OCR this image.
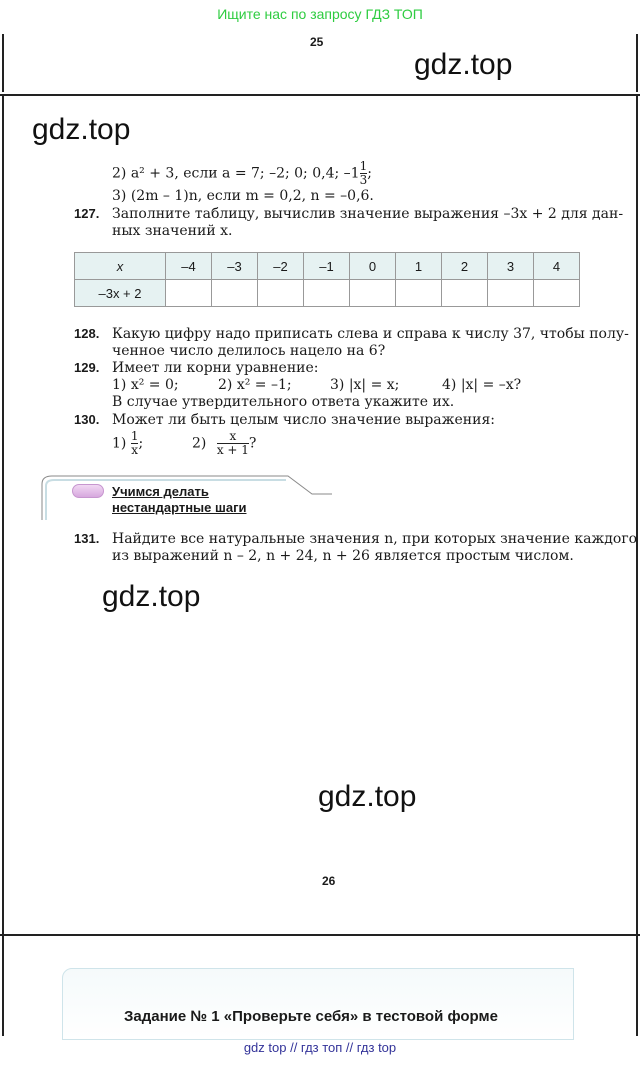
Ищите нас по запросу ГДЗ ТОП
25
gdz.top
gdz.top
2) a² + 3, если a = 7; –2; 0; 0,4; $-1 \frac{1}{3}$ ;
3) (2m – 1)n, если m = 0,2, n = –0,6.
127. Заполните таблицу, вычислив значение выражения –3x + 2 для дан-
ных значений x.
x	–4	–3	–2	–1	0	1	2	3	4
–3x + 2									
128. Какую цифру надо приписать слева и справа к числу 37, чтобы полу-
ченное число делилось нацело на 6?
129. Имеет ли корни уравнение:
1) x² = 0;	2) x² = –1;	3) |x| = x;	4) |x| = –x?
В случае утвердительного ответа укажите их.
130. Может ли быть целым число значение выражения:
$1) \frac{1}{x}$ ;	$2) \frac{x}{x + 1}$ ?
Учимся делать
нестандартные шаги
131. Найдите все натуральные значения n, при которых значение каждого
из выражений n – 2, n + 24, n + 26 является простым числом.
gdz.top
gdz.top
26
Задание № 1 «Проверьте себя» в тестовой форме
gdz top // гдз топ // гдз top
